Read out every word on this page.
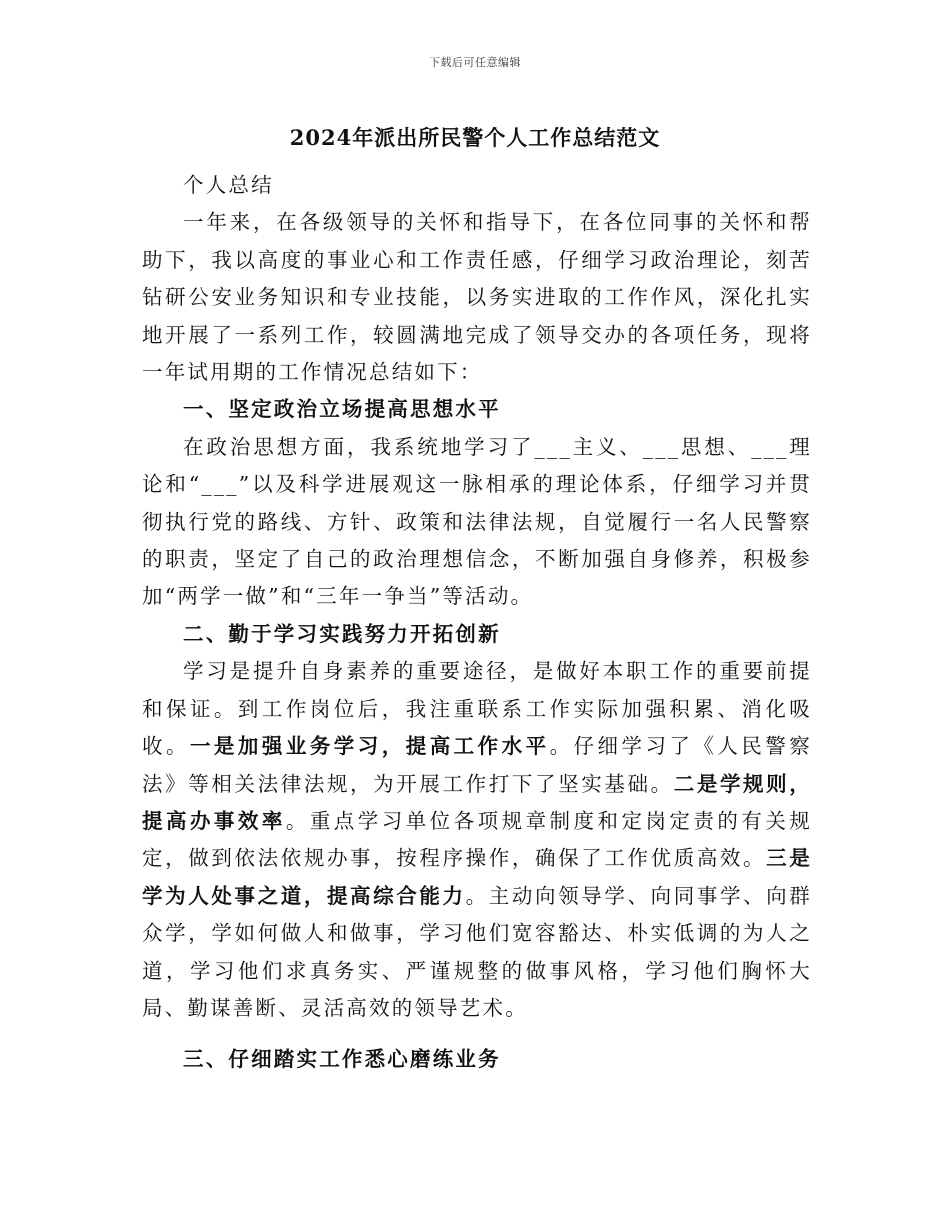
下载后可任意编辑
2024年派出所民警个人工作总结范文

个人总结

一年来，在各级领导的关怀和指导下，在各位同事的关怀和帮助下，我以高度的事业心和工作责任感，仔细学习政治理论，刻苦钻研公安业务知识和专业技能，以务实进取的工作作风，深化扎实地开展了一系列工作，较圆满地完成了领导交办的各项任务，现将一年试用期的工作情况总结如下：

一、坚定政治立场提高思想水平

在政治思想方面，我系统地学习了___主义、___思想、___理论和“___”以及科学进展观这一脉相承的理论体系，仔细学习并贯彻执行党的路线、方针、政策和法律法规，自觉履行一名人民警察的职责，坚定了自己的政治理想信念，不断加强自身修养，积极参加“两学一做”和“三年一争当”等活动。

二、勤于学习实践努力开拓创新

学习是提升自身素养的重要途径，是做好本职工作的重要前提和保证。到工作岗位后，我注重联系工作实际加强积累、消化吸收。一是加强业务学习，提高工作水平。仔细学习了《人民警察法》等相关法律法规，为开展工作打下了坚实基础。二是学规则，提高办事效率。重点学习单位各项规章制度和定岗定责的有关规定，做到依法依规办事，按程序操作，确保了工作优质高效。三是学为人处事之道，提高综合能力。主动向领导学、向同事学、向群众学，学如何做人和做事，学习他们宽容豁达、朴实低调的为人之道，学习他们求真务实、严谨规整的做事风格，学习他们胸怀大局、勤谋善断、灵活高效的领导艺术。

三、仔细踏实工作悉心磨练业务
